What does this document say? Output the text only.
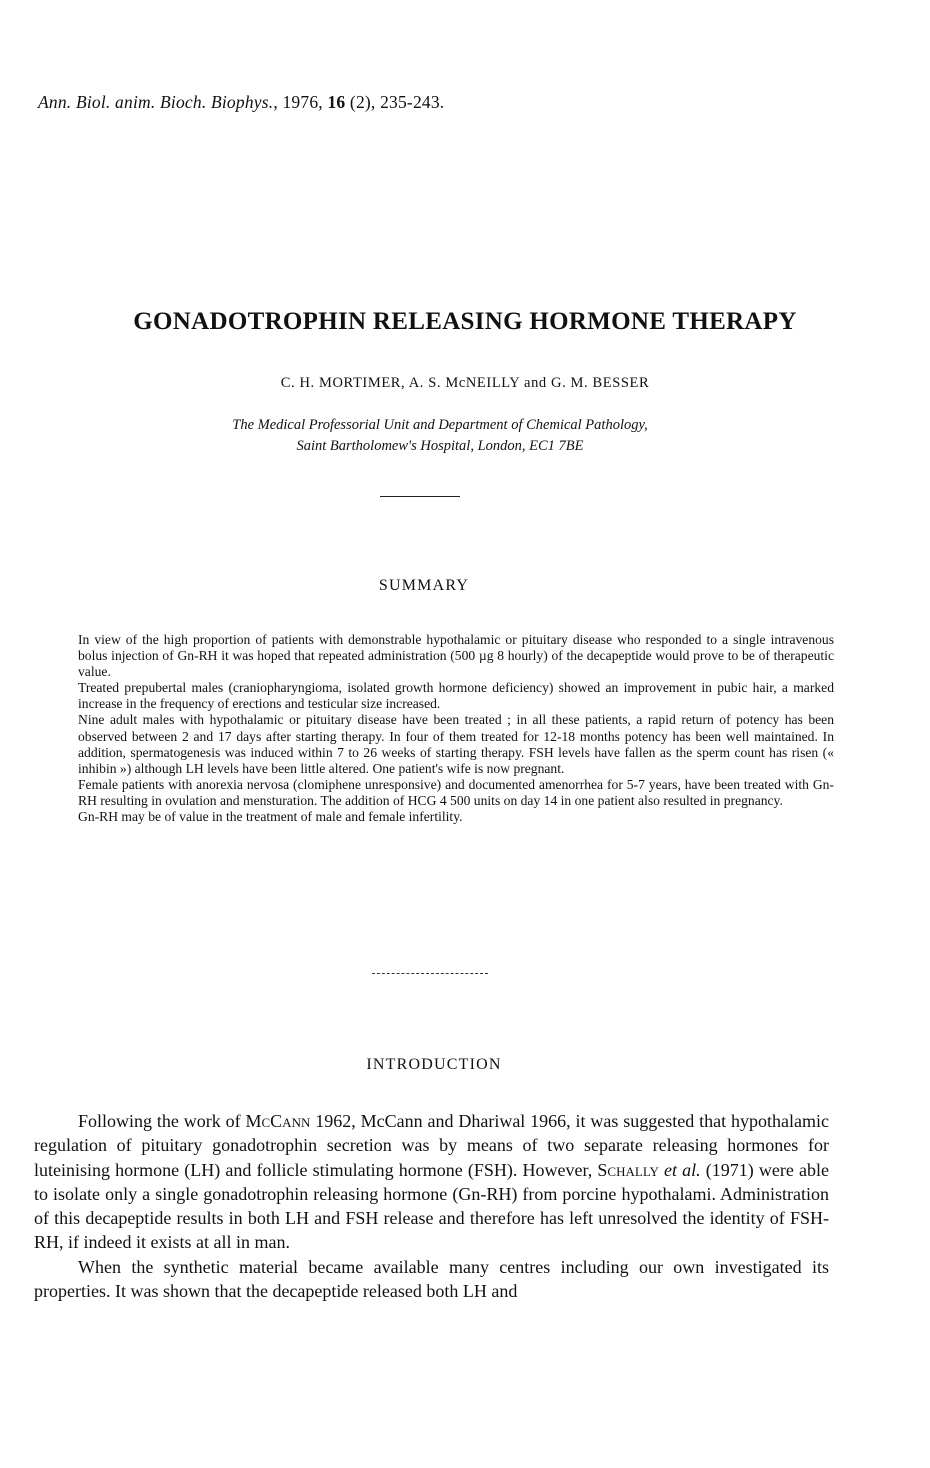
Ann. Biol. anim. Bioch. Biophys., 1976, 16 (2), 235-243.
GONADOTROPHIN RELEASING HORMONE THERAPY
C. H. MORTIMER, A. S. McNEILLY and G. M. BESSER
The Medical Professorial Unit and Department of Chemical Pathology,
Saint Bartholomew's Hospital, London, EC1 7BE
SUMMARY

In view of the high proportion of patients with demonstrable hypothalamic or pituitary disease who responded to a single intravenous bolus injection of Gn-RH it was hoped that repeated administration (500 µg 8 hourly) of the decapeptide would prove to be of therapeutic value.

Treated prepubertal males (craniopharyngioma, isolated growth hormone deficiency) showed an improvement in pubic hair, a marked increase in the frequency of erections and testicular size increased.

Nine adult males with hypothalamic or pituitary disease have been treated ; in all these patients, a rapid return of potency has been observed between 2 and 17 days after starting therapy. In four of them treated for 12-18 months potency has been well maintained. In addition, spermatogenesis was induced within 7 to 26 weeks of starting therapy. FSH levels have fallen as the sperm count has risen (« inhibin ») although LH levels have been little altered. One patient's wife is now pregnant.

Female patients with anorexia nervosa (clomiphene unresponsive) and documented amenorrhea for 5-7 years, have been treated with Gn-RH resulting in ovulation and mensturation. The addition of HCG 4 500 units on day 14 in one patient also resulted in pregnancy.

Gn-RH may be of value in the treatment of male and female infertility.

INTRODUCTION

Following the work of McCann 1962, McCann and Dhariwal 1966, it was suggested that hypothalamic regulation of pituitary gonadotrophin secretion was by means of two separate releasing hormones for luteinising hormone (LH) and follicle stimulating hormone (FSH). However, Schally et al. (1971) were able to isolate only a single gonadotrophin releasing hormone (Gn-RH) from porcine hypothalami. Administration of this decapeptide results in both LH and FSH release and therefore has left unresolved the identity of FSH-RH, if indeed it exists at all in man.

When the synthetic material became available many centres including our own investigated its properties. It was shown that the decapeptide released both LH and
